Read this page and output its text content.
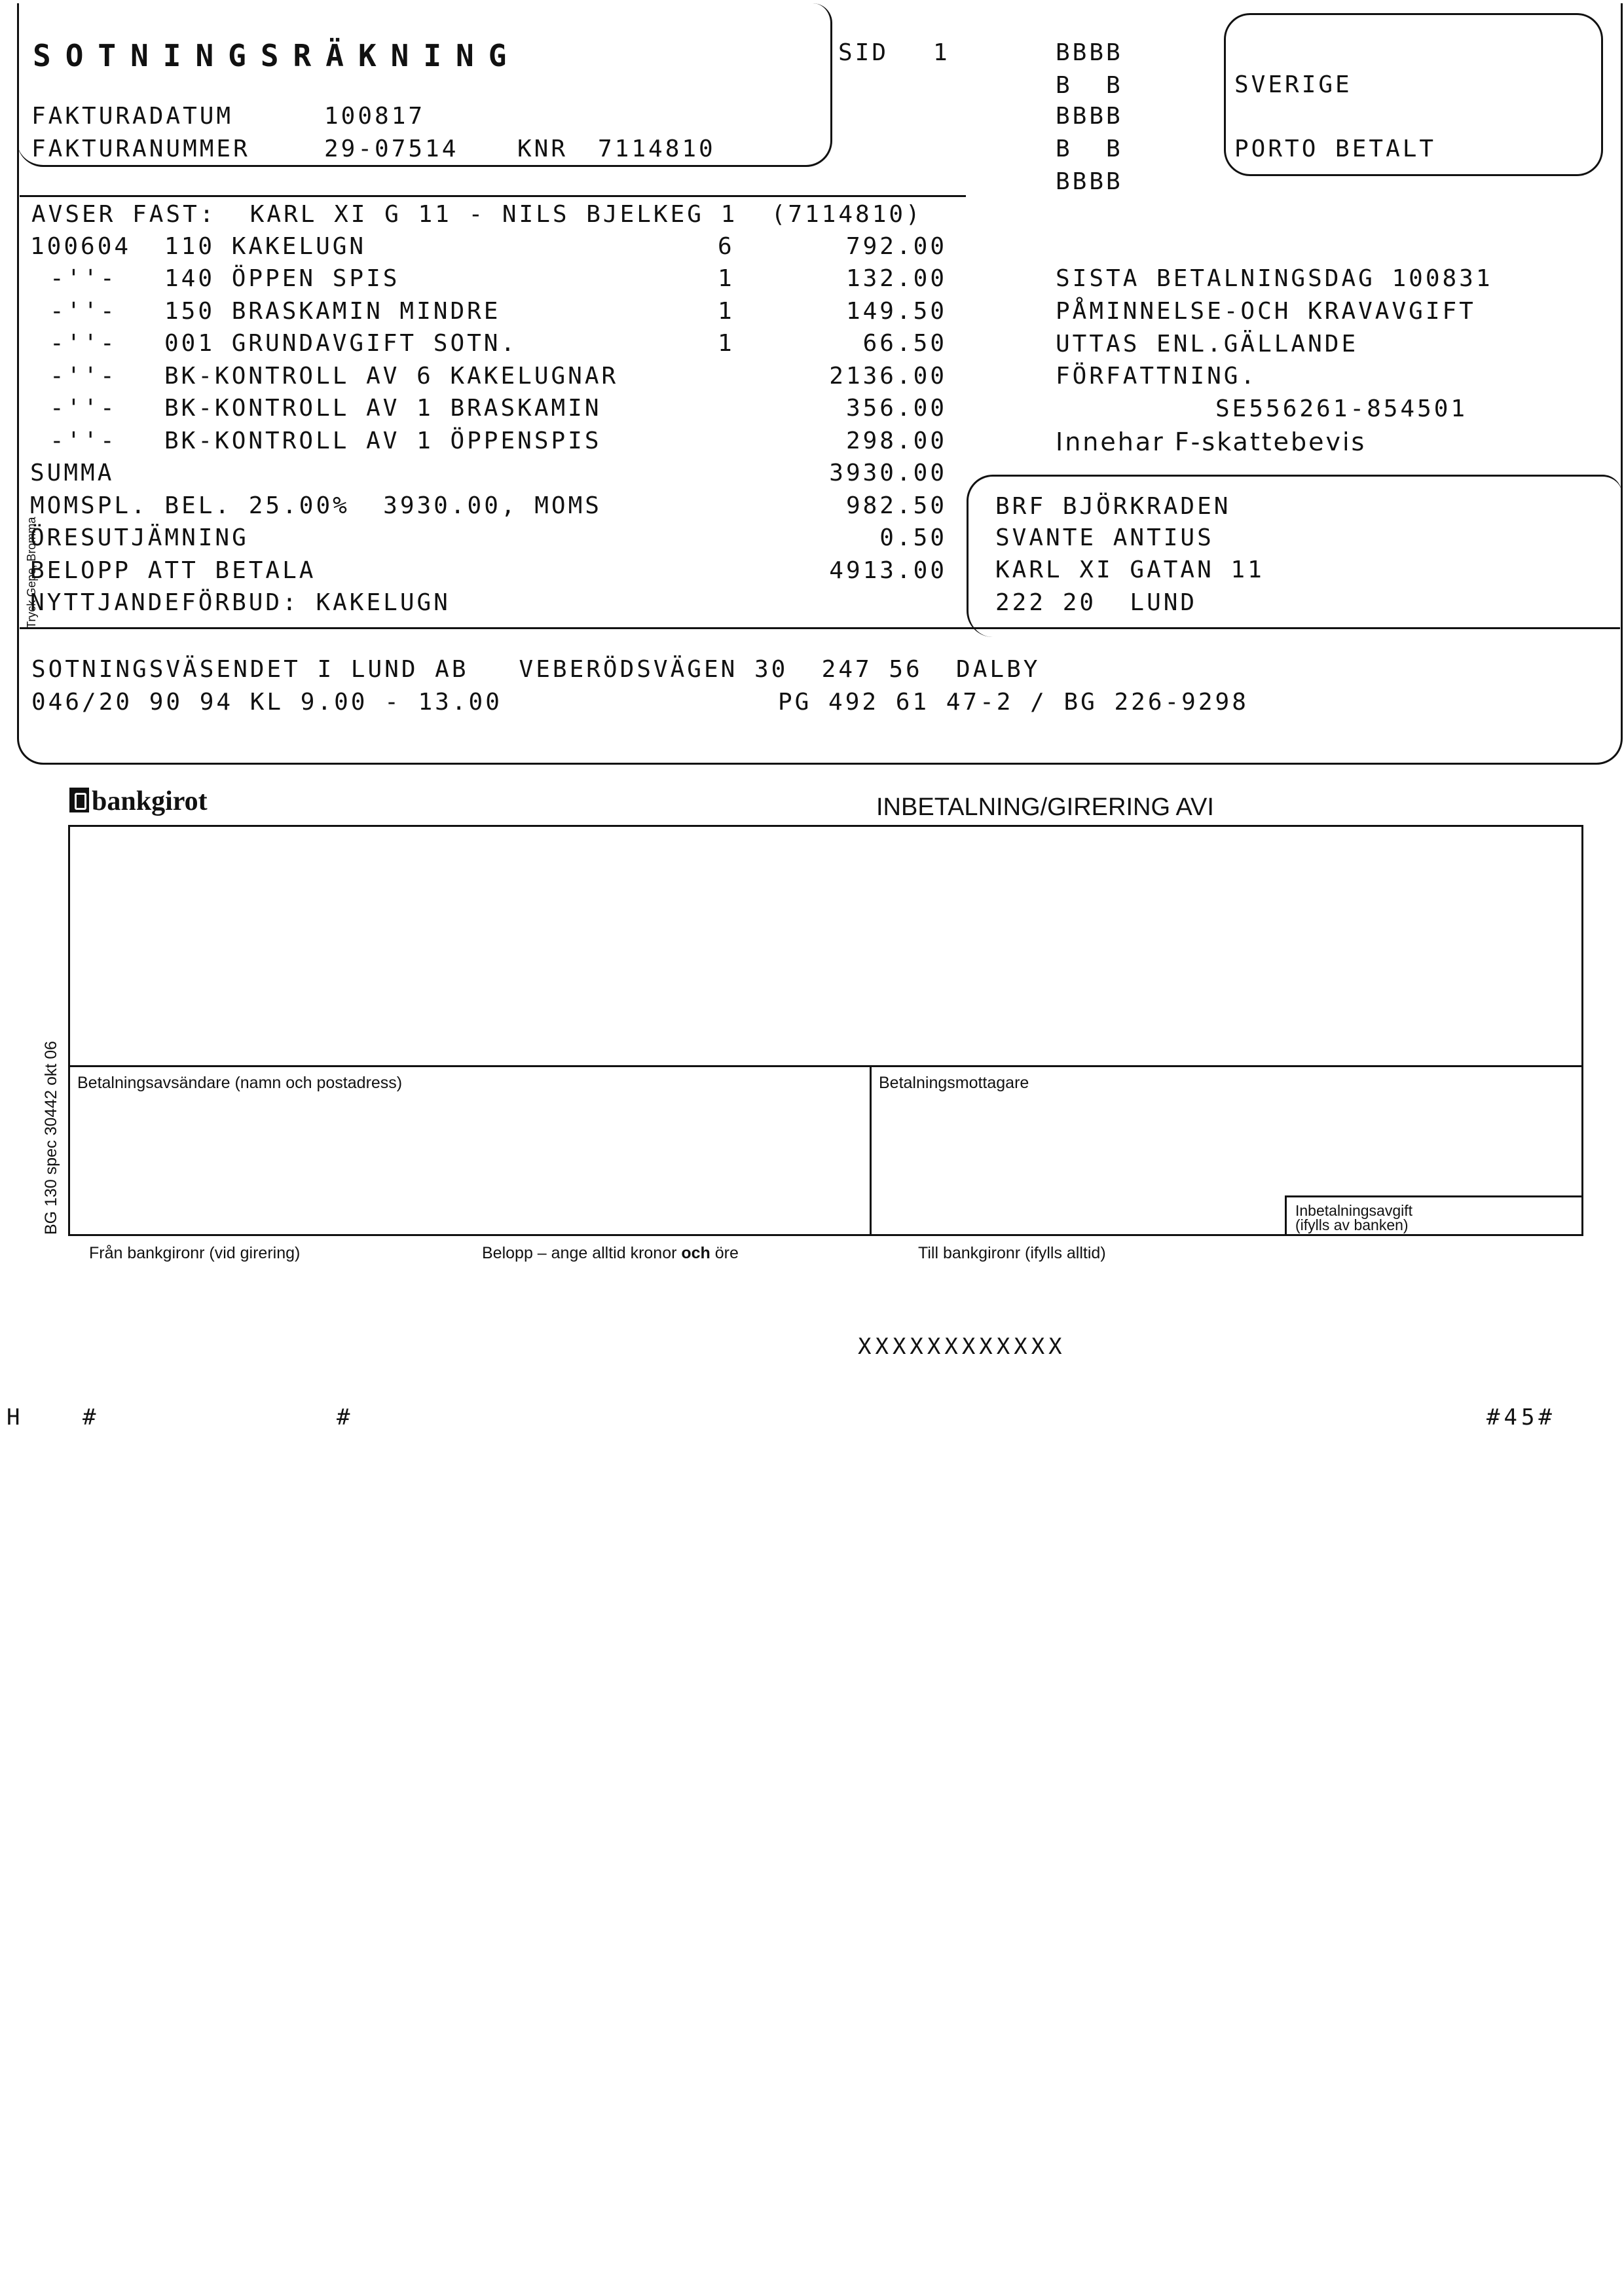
SOTNINGSRÄKNING	SID 1
FAKTURADATUM	100817
FAKTURANUMMER	29-07514 KNR 7114810
BBBB
B  B
BBBB
B  B
BBBB
SVERIGE
PORTO BETALT
AVSER FAST:  KARL XI G 11 - NILS BJELKEG 1  (7114810)
100604	110 KAKELUGN	6	792.00
-''-	140 ÖPPEN SPIS	1	132.00
-''-	150 BRASKAMIN MINDRE	1	149.50
-''-	001 GRUNDAVGIFT SOTN.	1	66.50
-''-	BK-KONTROLL AV 6 KAKELUGNAR		2136.00
-''-	BK-KONTROLL AV 1 BRASKAMIN		356.00
-''-	BK-KONTROLL AV 1 ÖPPENSPIS		298.00
SUMMA			3930.00
MOMSPL. BEL. 25.00%  3930.00, MOMS			982.50
ÖRESUTJÄMNING			0.50
BELOPP ATT BETALA			4913.00
NYTTJANDEFÖRBUD: KAKELUGN			
SISTA BETALNINGSDAG 100831
PÅMINNELSE-OCH KRAVAVGIFT
UTTAS ENL.GÄLLANDE
FÖRFATTNING.
SE556261-854501
Innehar F-skattebevis
BRF BJÖRKRADEN
SVANTE ANTIUS
KARL XI GATAN 11
222 20  LUND
Tryck Gepe, Bromma
SOTNINGSVÄSENDET I LUND AB   VEBERÖDSVÄGEN 30  247 56  DALBY
046/20 90 94 KL 9.00 - 13.00	PG 492 61 47-2 / BG 226-9298
bankgirot	INBETALNING/GIRERING AVI
Betalningsavsändare (namn och postadress)	Betalningsmottagare
Inbetalningsavgift
(ifylls av banken)
Från bankgironr (vid girering)	Belopp – ange alltid kronor och öre	Till bankgironr (ifylls alltid)
BG 130 spec 30442 okt 06
XXXXXXXXXXXX
H	#	#	#45#
